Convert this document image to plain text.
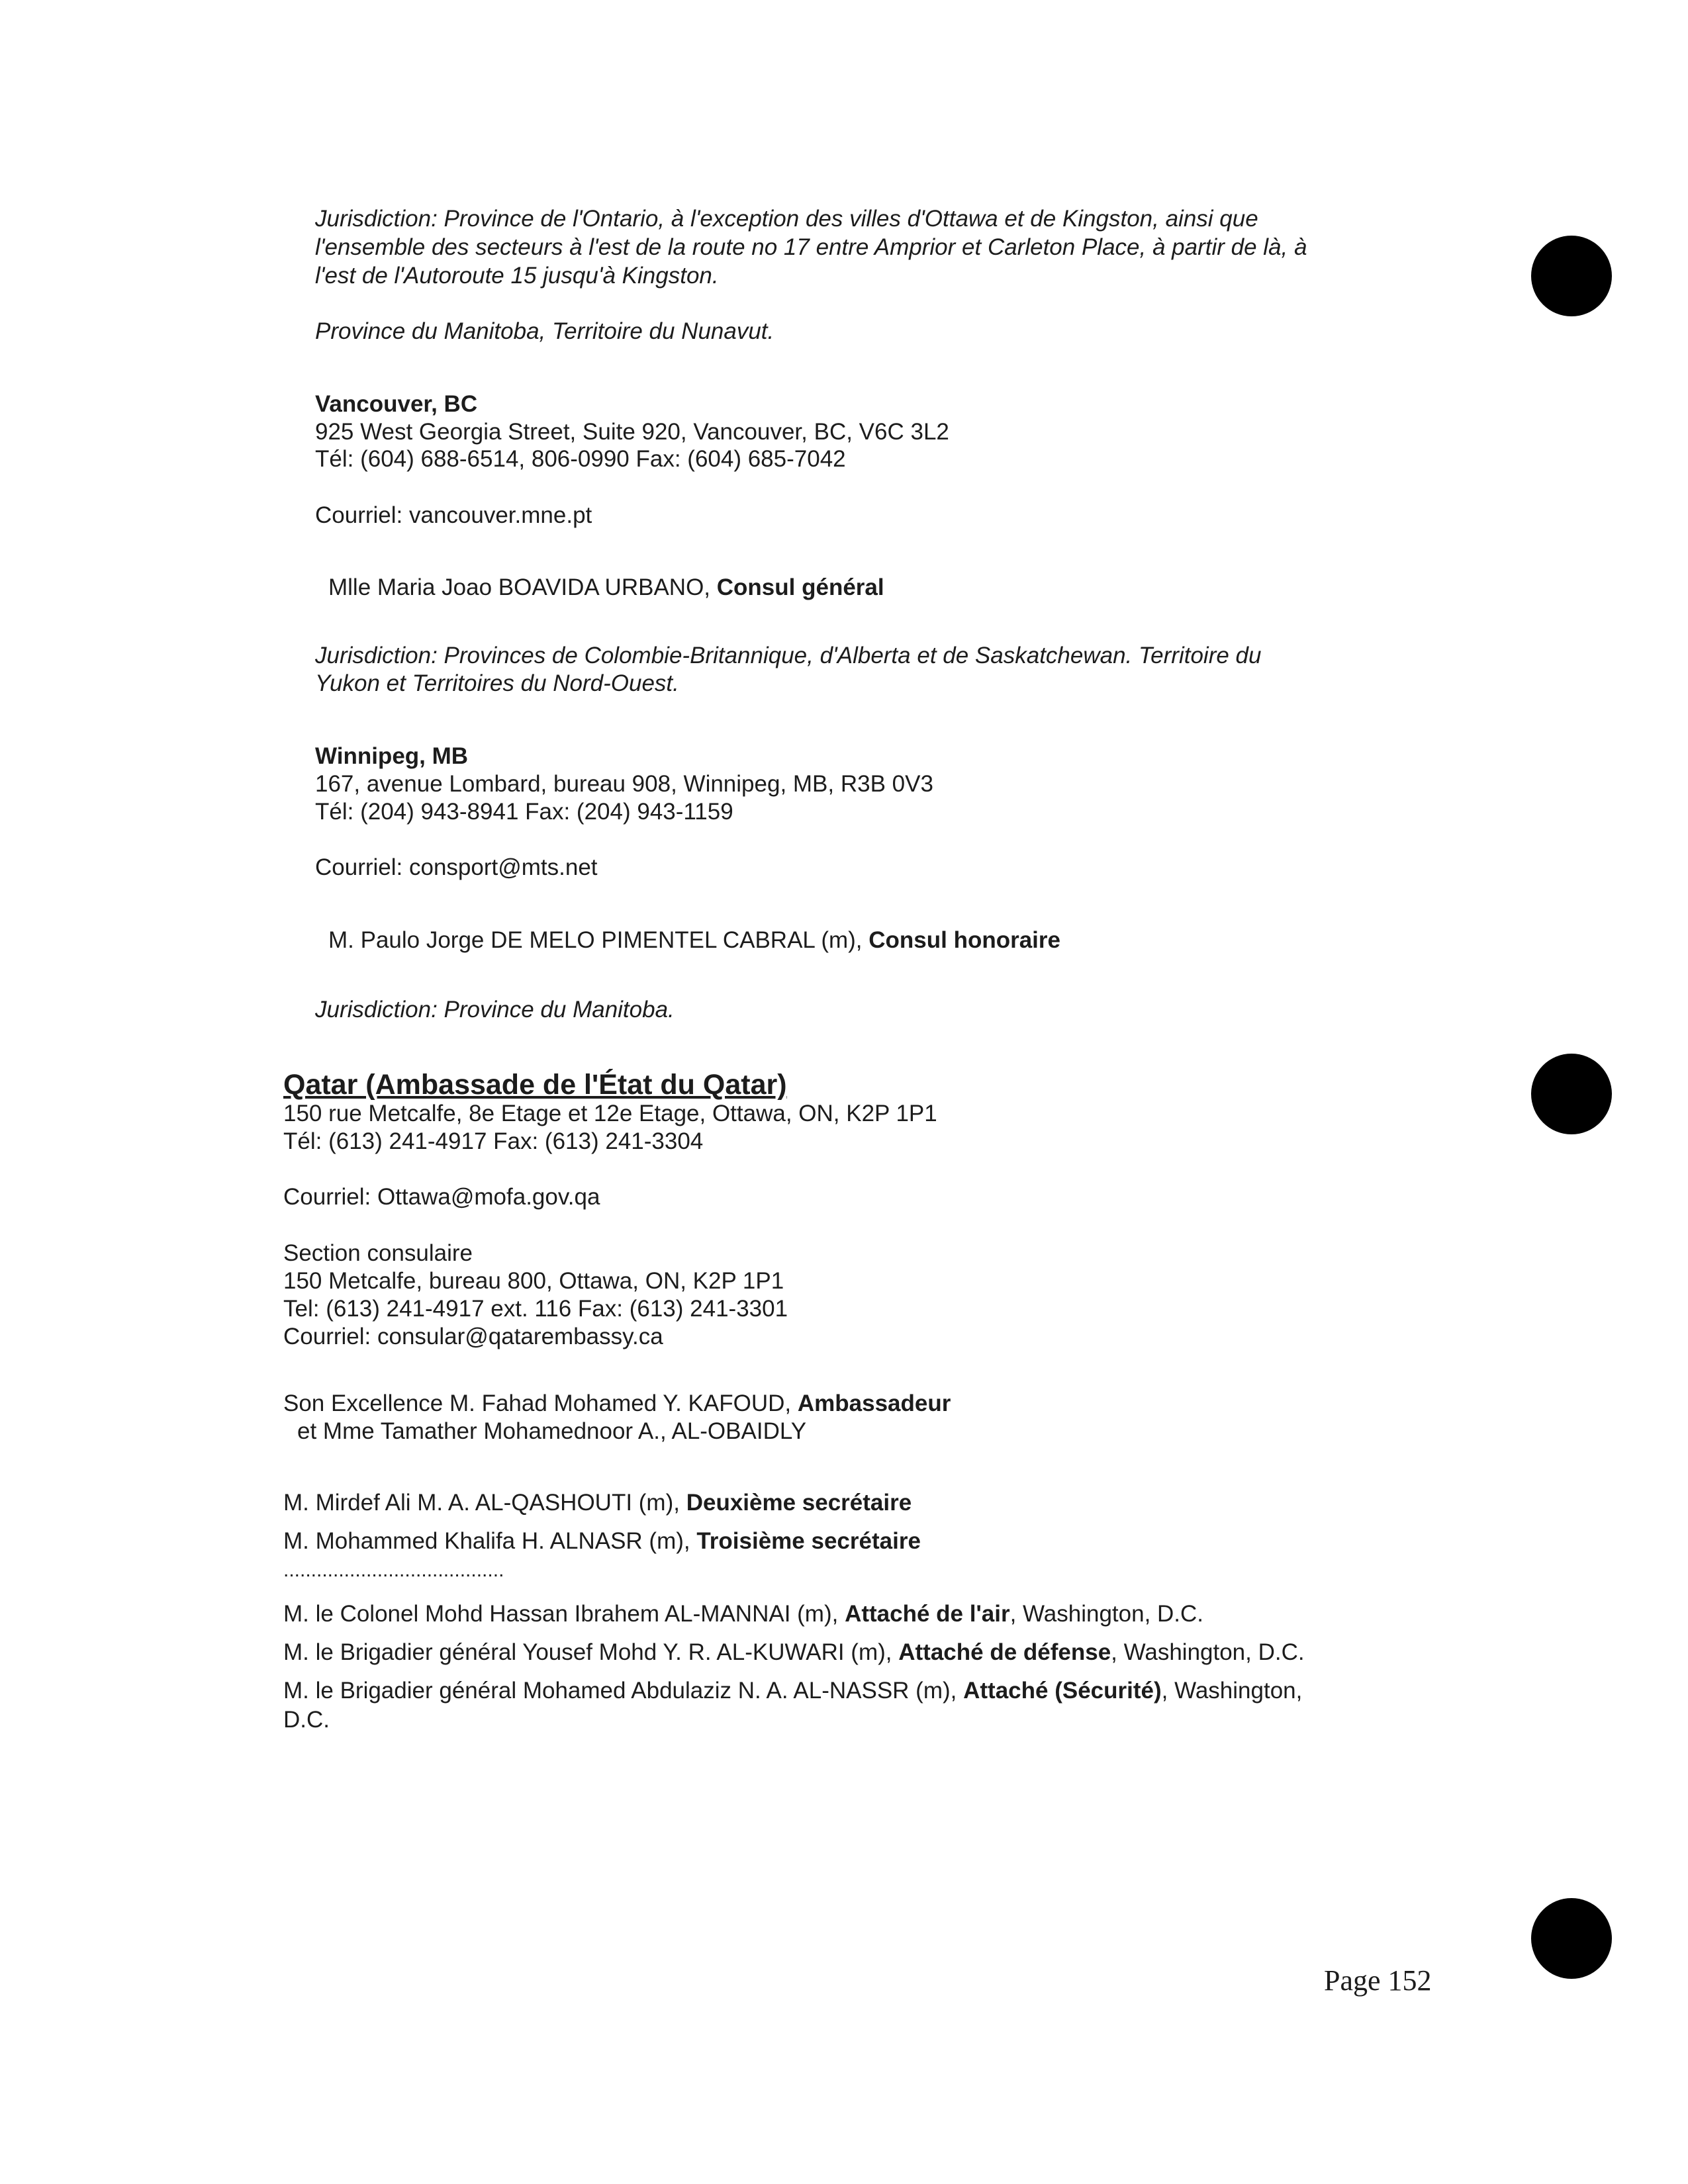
Jurisdiction: Province de l'Ontario, à l'exception des villes d'Ottawa et de Kingston, ainsi que

l'ensemble des secteurs à l'est de la route no 17 entre Amprior et Carleton Place, à partir de là, à

l'est de l'Autoroute 15 jusqu'à Kingston.

Province du Manitoba, Territoire du Nunavut.

Vancouver, BC

925 West Georgia Street, Suite 920, Vancouver, BC, V6C 3L2

Tél: (604) 688-6514, 806-0990 Fax: (604) 685-7042

Courriel: vancouver.mne.pt

Mlle Maria Joao BOAVIDA URBANO, Consul général

Jurisdiction: Provinces de Colombie-Britannique, d'Alberta et de Saskatchewan. Territoire du

Yukon et Territoires du Nord-Ouest.

Winnipeg, MB

167, avenue Lombard, bureau 908, Winnipeg, MB, R3B 0V3

Tél: (204) 943-8941 Fax: (204) 943-1159

Courriel: consport@mts.net

M. Paulo Jorge DE MELO PIMENTEL CABRAL (m), Consul honoraire

Jurisdiction: Province du Manitoba.

Qatar (Ambassade de l'État du Qatar)

150 rue Metcalfe, 8e Etage et 12e Etage, Ottawa, ON, K2P 1P1

Tél: (613) 241-4917 Fax: (613) 241-3304

Courriel: Ottawa@mofa.gov.qa

Section consulaire

150 Metcalfe, bureau 800, Ottawa, ON, K2P 1P1

Tel: (613) 241-4917 ext. 116 Fax: (613) 241-3301

Courriel: consular@qatarembassy.ca

Son Excellence M. Fahad Mohamed Y. KAFOUD, Ambassadeur

et Mme Tamather Mohamednoor A., AL-OBAIDLY

M. Mirdef Ali M. A. AL-QASHOUTI (m), Deuxième secrétaire

M. Mohammed Khalifa H. ALNASR (m), Troisième secrétaire

........................................

M. le Colonel Mohd Hassan Ibrahem AL-MANNAI (m), Attaché de l'air, Washington, D.C.

M. le Brigadier général Yousef Mohd Y. R. AL-KUWARI (m), Attaché de défense, Washington, D.C.

M. le Brigadier général Mohamed Abdulaziz N. A. AL-NASSR (m), Attaché (Sécurité), Washington,

D.C.

Page 152
